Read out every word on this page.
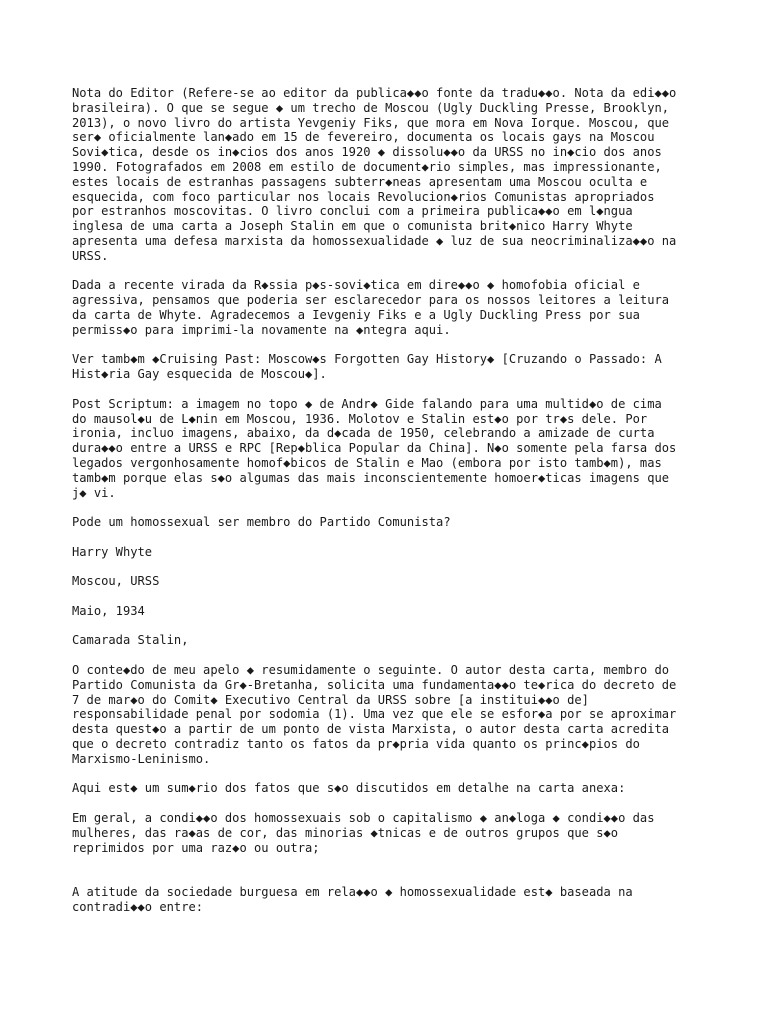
Nota do Editor (Refere-se ao editor da publica◆◆o fonte da tradu◆◆o. Nota da edi◆◆o
brasileira). O que se segue ◆ um trecho de Moscou (Ugly Duckling Presse, Brooklyn,
2013), o novo livro do artista Yevgeniy Fiks, que mora em Nova Iorque. Moscou, que
ser◆ oficialmente lan◆ado em 15 de fevereiro, documenta os locais gays na Moscou
Sovi◆tica, desde os in◆cios dos anos 1920 ◆ dissolu◆◆o da URSS no in◆cio dos anos
1990. Fotografados em 2008 em estilo de document◆rio simples, mas impressionante,
estes locais de estranhas passagens subterr◆neas apresentam uma Moscou oculta e
esquecida, com foco particular nos locais Revolucion◆rios Comunistas apropriados
por estranhos moscovitas. O livro conclui com a primeira publica◆◆o em l◆ngua
inglesa de uma carta a Joseph Stalin em que o comunista brit◆nico Harry Whyte
apresenta uma defesa marxista da homossexualidade ◆ luz de sua neocriminaliza◆◆o na
URSS.

Dada a recente virada da R◆ssia p◆s-sovi◆tica em dire◆◆o ◆ homofobia oficial e
agressiva, pensamos que poderia ser esclarecedor para os nossos leitores a leitura
da carta de Whyte. Agradecemos a Ievgeniy Fiks e a Ugly Duckling Press por sua
permiss◆o para imprimi-la novamente na ◆ntegra aqui.

Ver tamb◆m ◆Cruising Past: Moscow◆s Forgotten Gay History◆ [Cruzando o Passado: A
Hist◆ria Gay esquecida de Moscou◆].

Post Scriptum: a imagem no topo ◆ de Andr◆ Gide falando para uma multid◆o de cima
do mausol◆u de L◆nin em Moscou, 1936. Molotov e Stalin est◆o por tr◆s dele. Por
ironia, incluo imagens, abaixo, da d◆cada de 1950, celebrando a amizade de curta
dura◆◆o entre a URSS e RPC [Rep◆blica Popular da China]. N◆o somente pela farsa dos
legados vergonhosamente homof◆bicos de Stalin e Mao (embora por isto tamb◆m), mas
tamb◆m porque elas s◆o algumas das mais inconscientemente homoer◆ticas imagens que
j◆ vi.

Pode um homossexual ser membro do Partido Comunista?

Harry Whyte

Moscou, URSS

Maio, 1934

Camarada Stalin,

O conte◆do de meu apelo ◆ resumidamente o seguinte. O autor desta carta, membro do
Partido Comunista da Gr◆-Bretanha, solicita uma fundamenta◆◆o te◆rica do decreto de
7 de mar◆o do Comit◆ Executivo Central da URSS sobre [a institui◆◆o de]
responsabilidade penal por sodomia (1). Uma vez que ele se esfor◆a por se aproximar
desta quest◆o a partir de um ponto de vista Marxista, o autor desta carta acredita
que o decreto contradiz tanto os fatos da pr◆pria vida quanto os princ◆pios do
Marxismo-Leninismo.

Aqui est◆ um sum◆rio dos fatos que s◆o discutidos em detalhe na carta anexa:

Em geral, a condi◆◆o dos homossexuais sob o capitalismo ◆ an◆loga ◆ condi◆◆o das
mulheres, das ra◆as de cor, das minorias ◆tnicas e de outros grupos que s◆o
reprimidos por uma raz◆o ou outra;

A atitude da sociedade burguesa em rela◆◆o ◆ homossexualidade est◆ baseada na
contradi◆◆o entre:
